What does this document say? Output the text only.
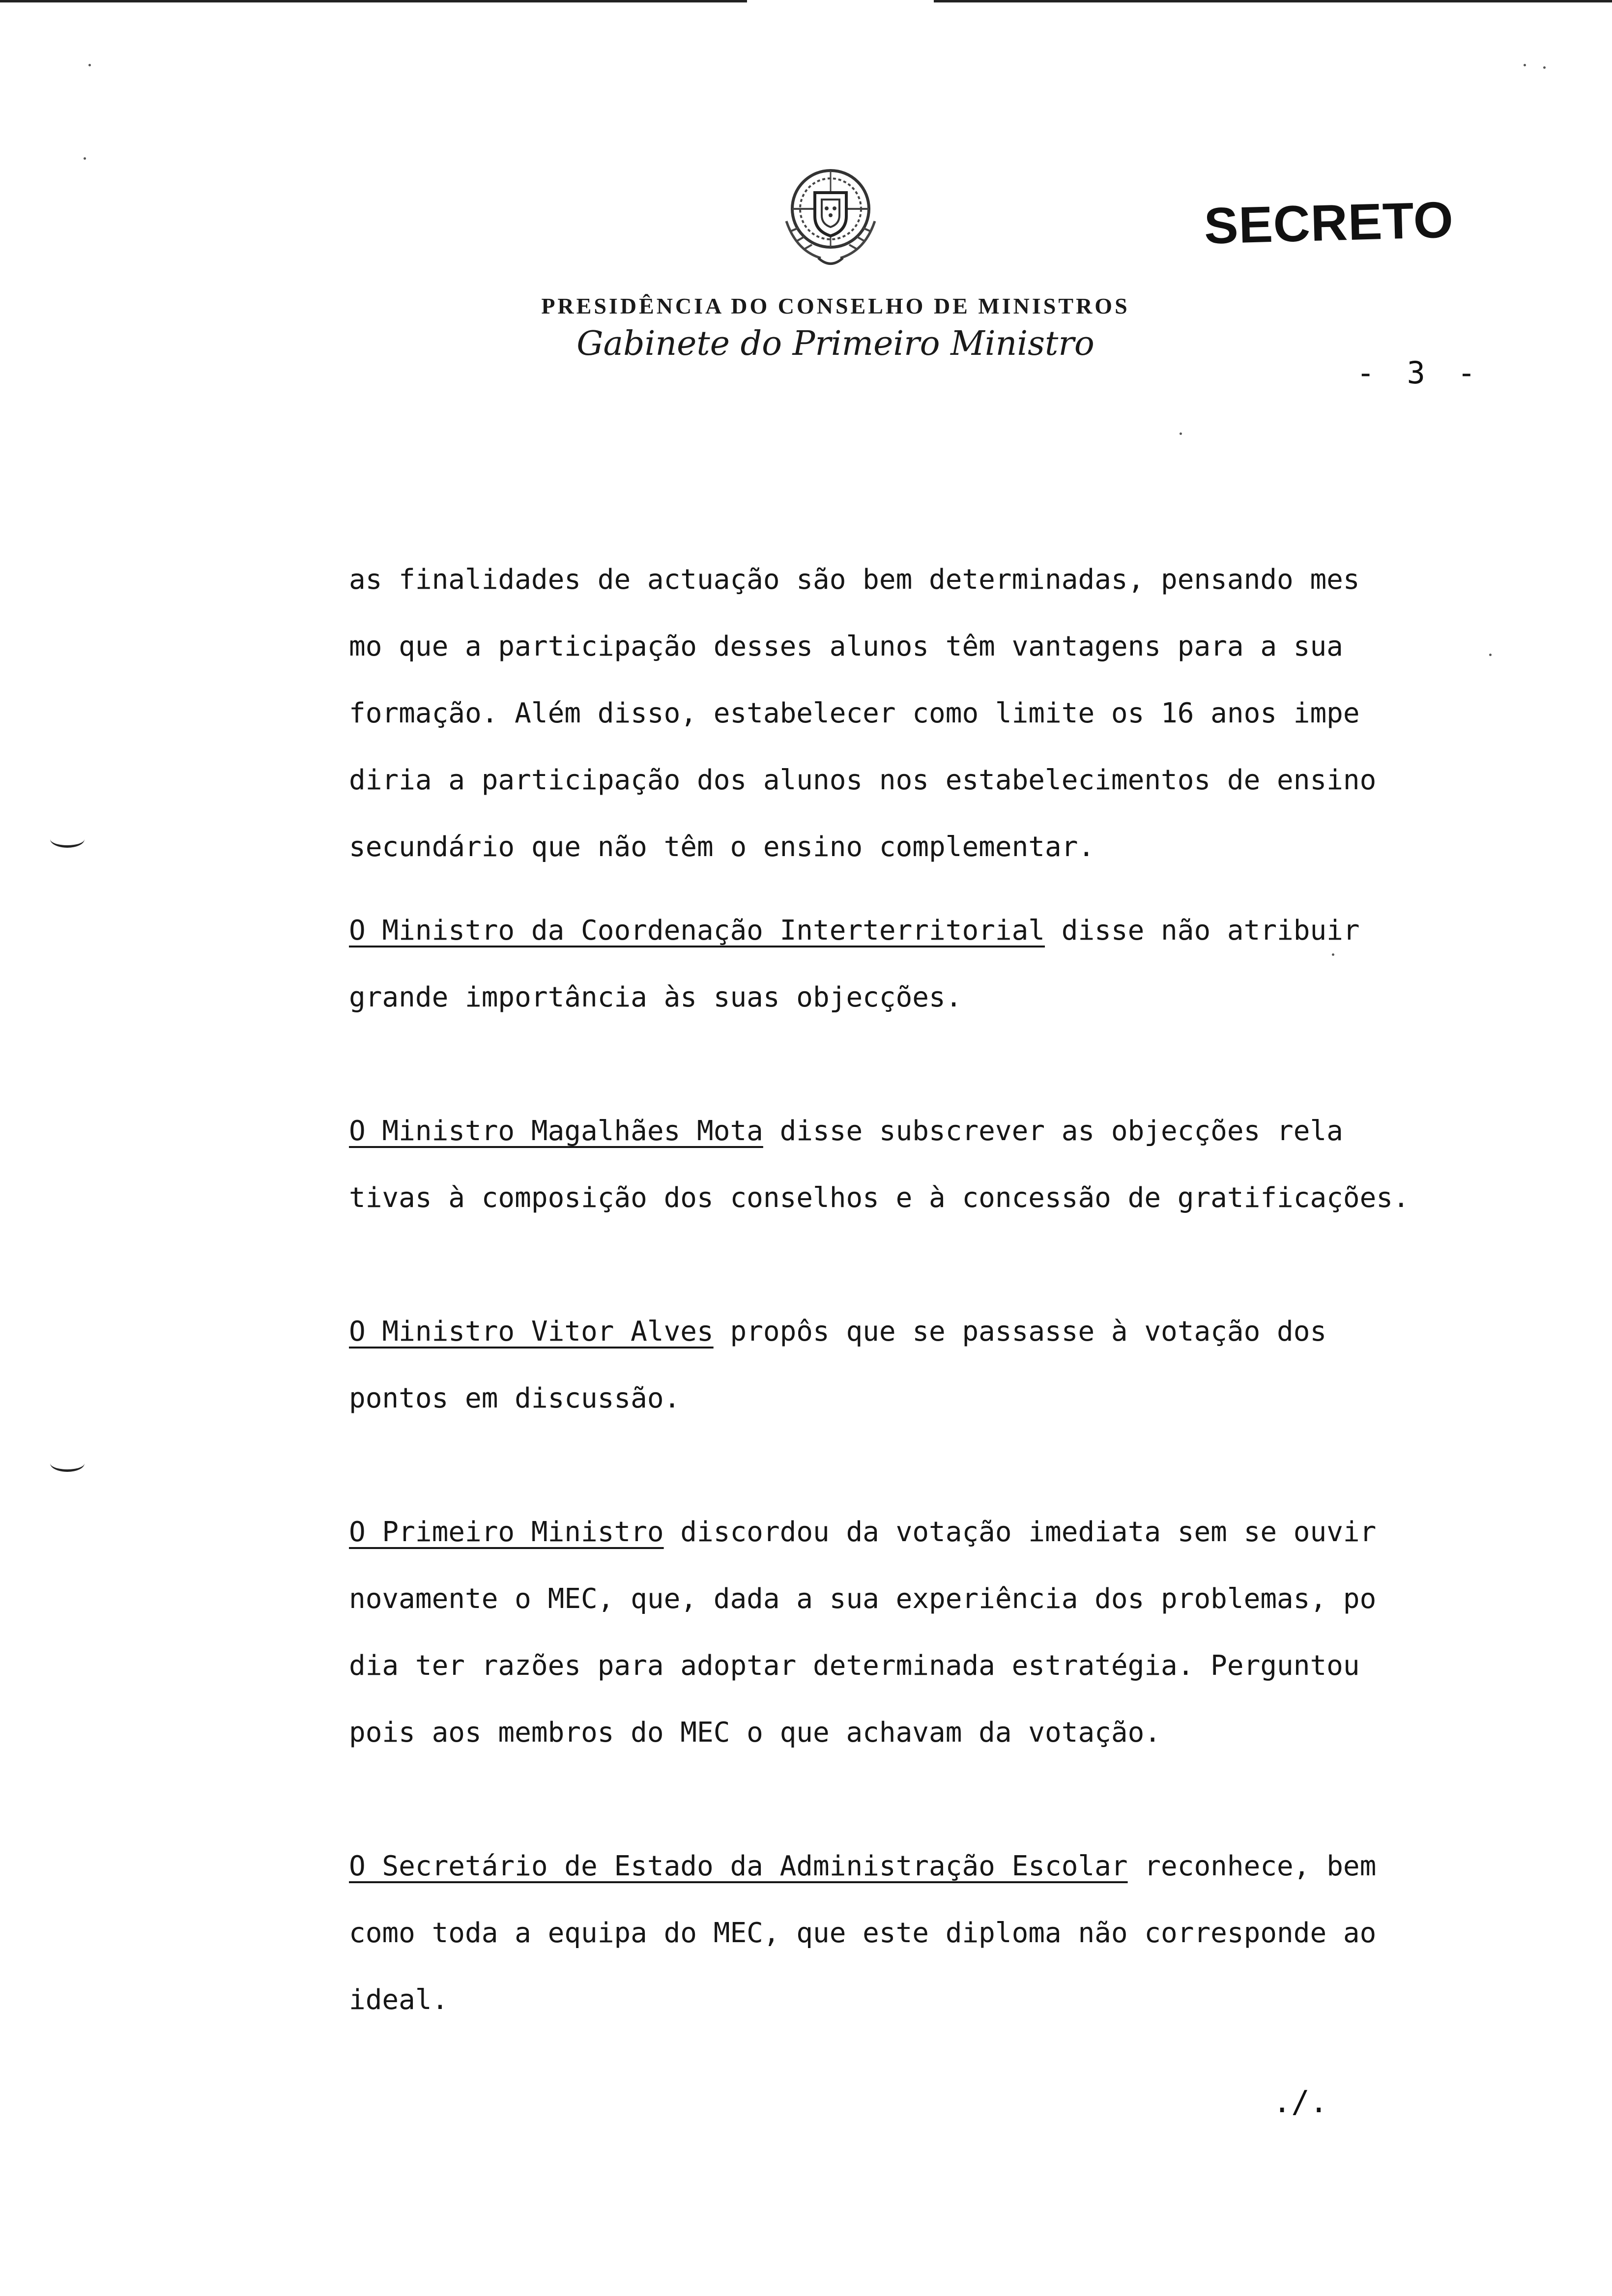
PRESIDÊNCIA DO CONSELHO DE MINISTROS
Gabinete do Primeiro Ministro
SECRETO
- 3 -

as finalidades de actuação são bem determinadas, pensando mes
mo que a participação desses alunos têm vantagens para a sua
formação. Além disso, estabelecer como limite os 16 anos impe
diria a participação dos alunos nos estabelecimentos de ensino
secundário que não têm o ensino complementar.

O Ministro da Coordenação Interterritorial disse não atribuir
grande importância às suas objecções.

O Ministro Magalhães Mota disse subscrever as objecções rela
tivas à composição dos conselhos e à concessão de gratificações.

O Ministro Vitor Alves propôs que se passasse à votação dos
pontos em discussão.

O Primeiro Ministro discordou da votação imediata sem se ouvir
novamente o MEC, que, dada a sua experiência dos problemas, po
dia ter razões para adoptar determinada estratégia. Perguntou
pois aos membros do MEC o que achavam da votação.

O Secretário de Estado da Administração Escolar reconhece, bem
como toda a equipa do MEC, que este diploma não corresponde ao
ideal.

./.
